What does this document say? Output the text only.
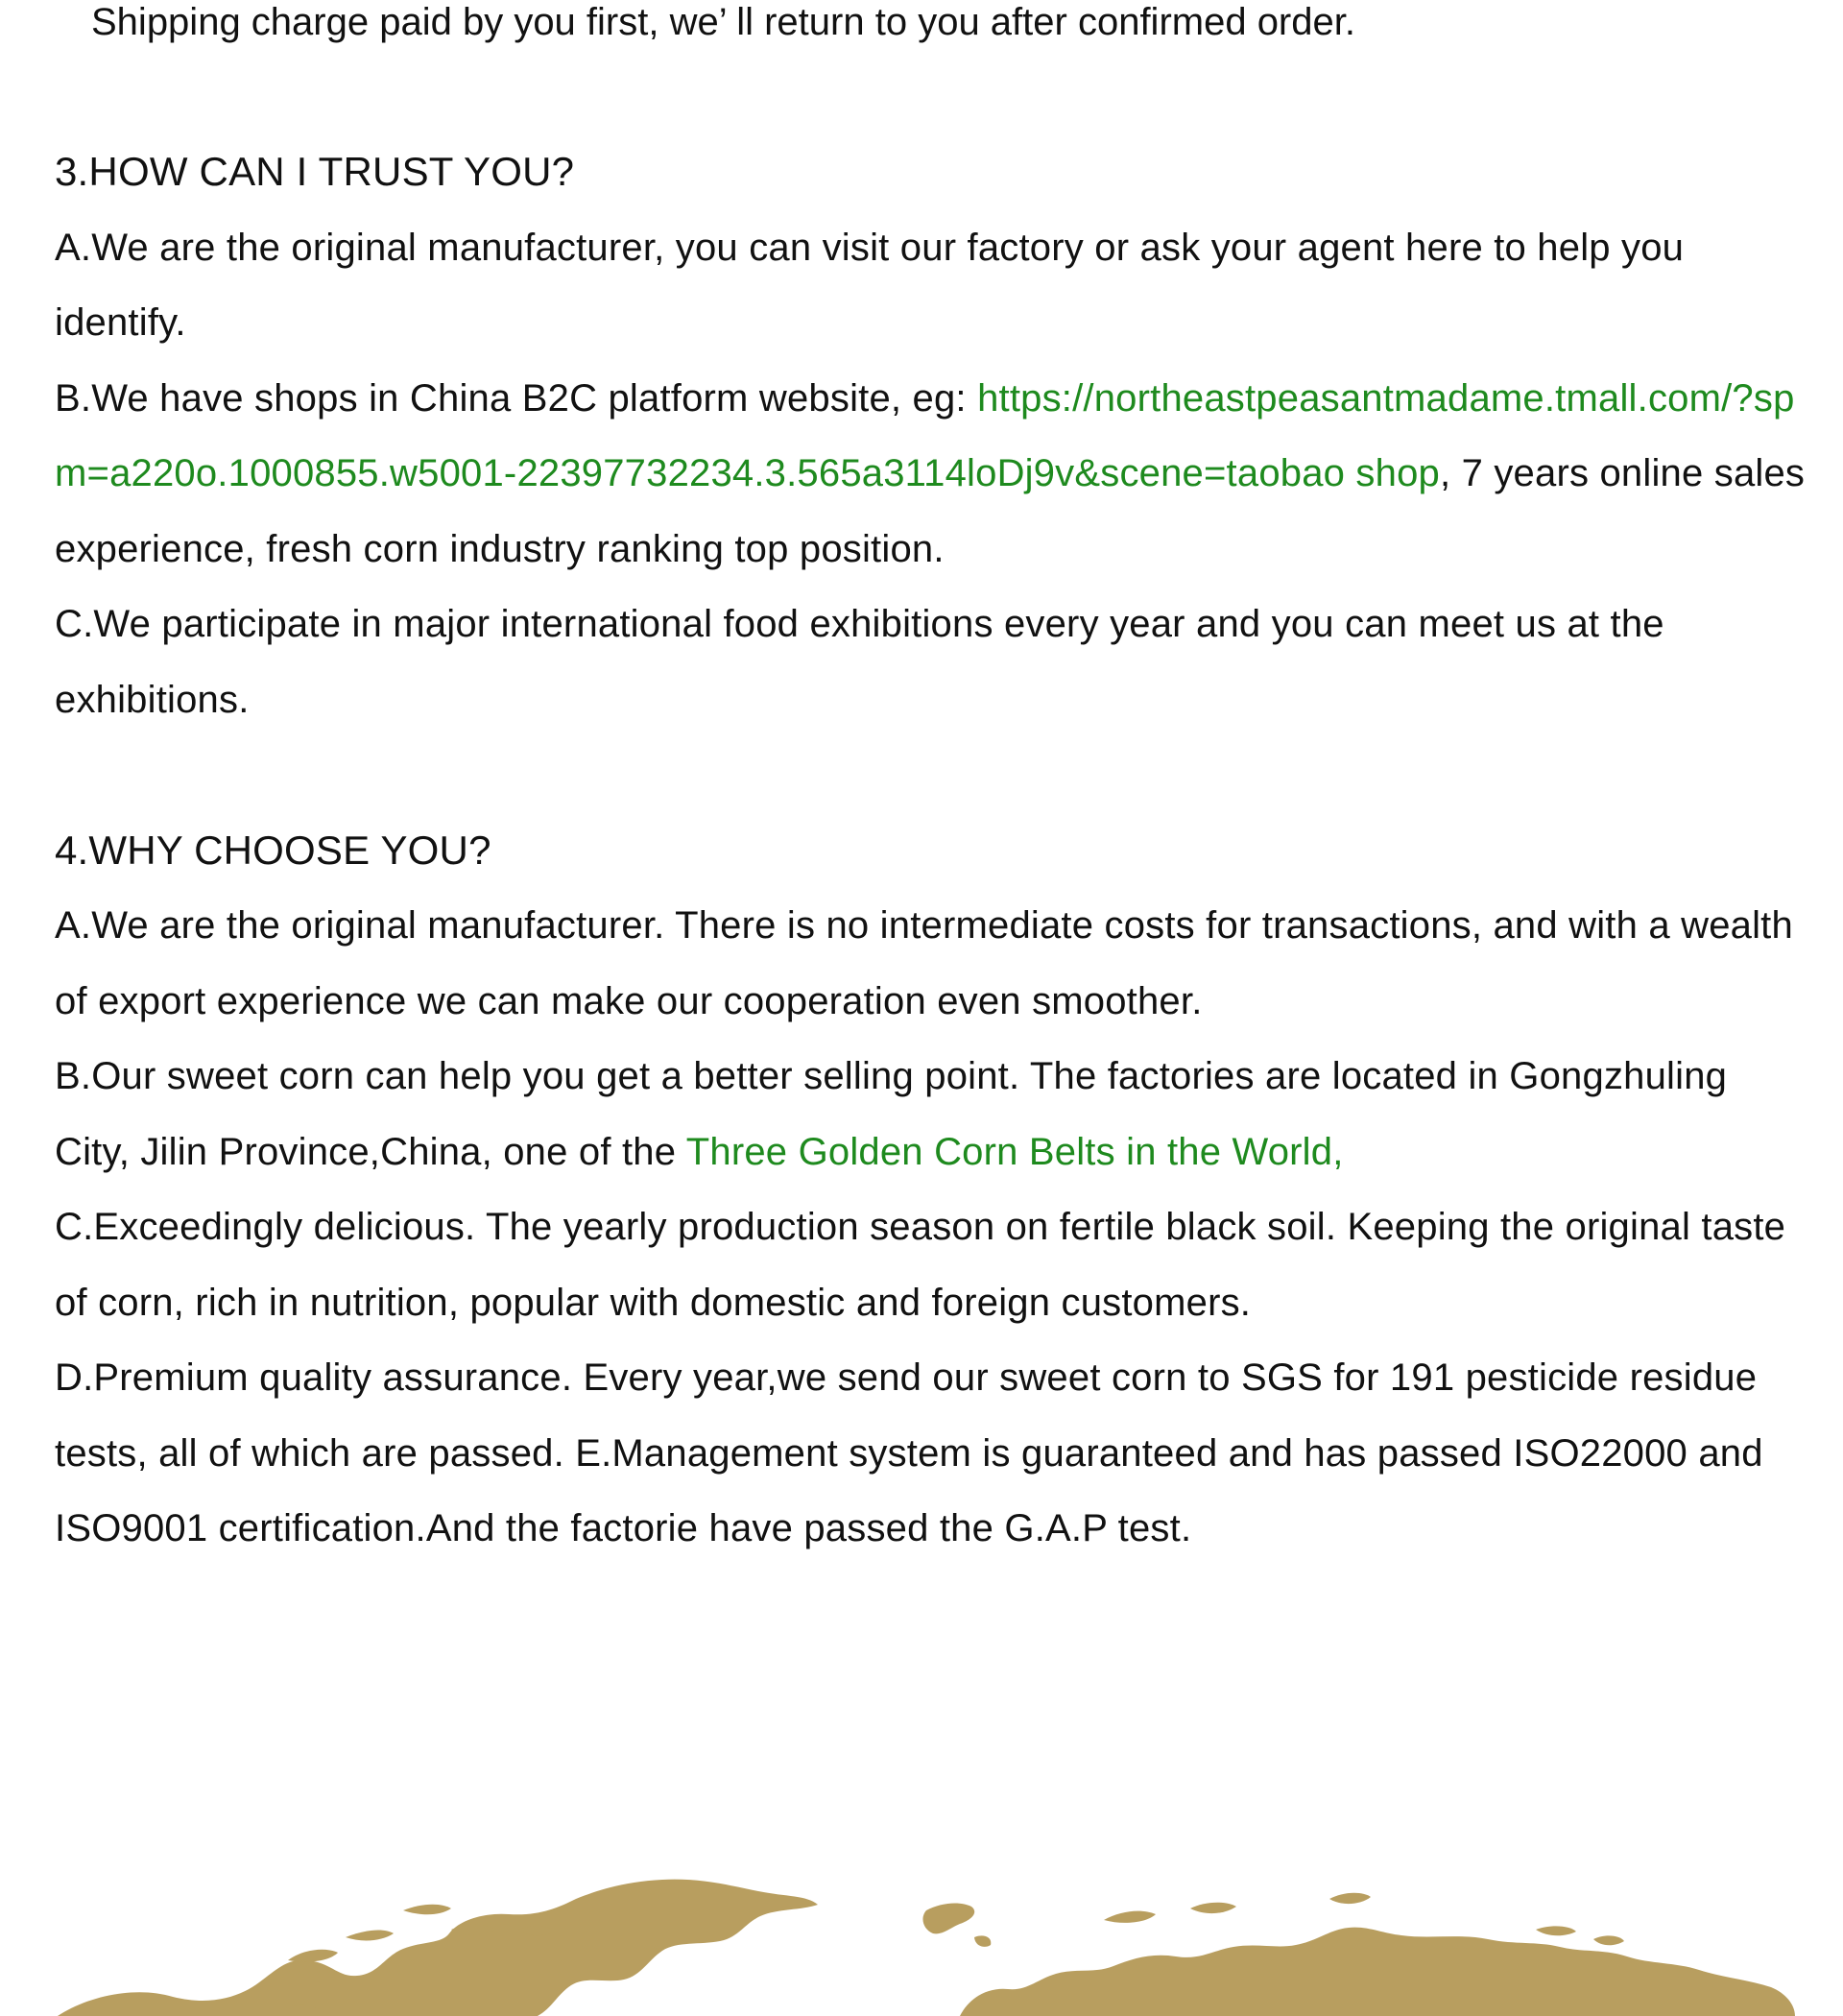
Shipping charge paid by you first, we’ ll return to you after confirmed order.
3.HOW CAN I TRUST YOU?

A.We are the original manufacturer, you can visit our factory or ask your agent here to help you identify.

B.We have shops in China B2C platform website, eg: https://northeastpeasantmadame.tmall.com/?spm=a220o.1000855.w5001-22397732234.3.565a3114loDj9v&scene=taobao shop, 7 years online sales experience, fresh corn industry ranking top position.

C.We participate in major international food exhibitions every year and you can meet us at the exhibitions.

4.WHY CHOOSE YOU?

A.We are the original manufacturer. There is no intermediate costs for transactions, and with a wealth of export experience we can make our cooperation even smoother.

B.Our sweet corn can help you get a better selling point. The factories are located in Gongzhuling City, Jilin Province,China, one of the Three Golden Corn Belts in the World,

C.Exceedingly delicious. The yearly production season on fertile black soil. Keeping the original taste of corn, rich in nutrition, popular with domestic and foreign customers.

D.Premium quality assurance. Every year,we send our sweet corn to SGS for 191 pesticide residue tests, all of which are passed. E.Management system is guaranteed and has passed ISO22000 and ISO9001 certification.And the factorie have passed the G.A.P test.
